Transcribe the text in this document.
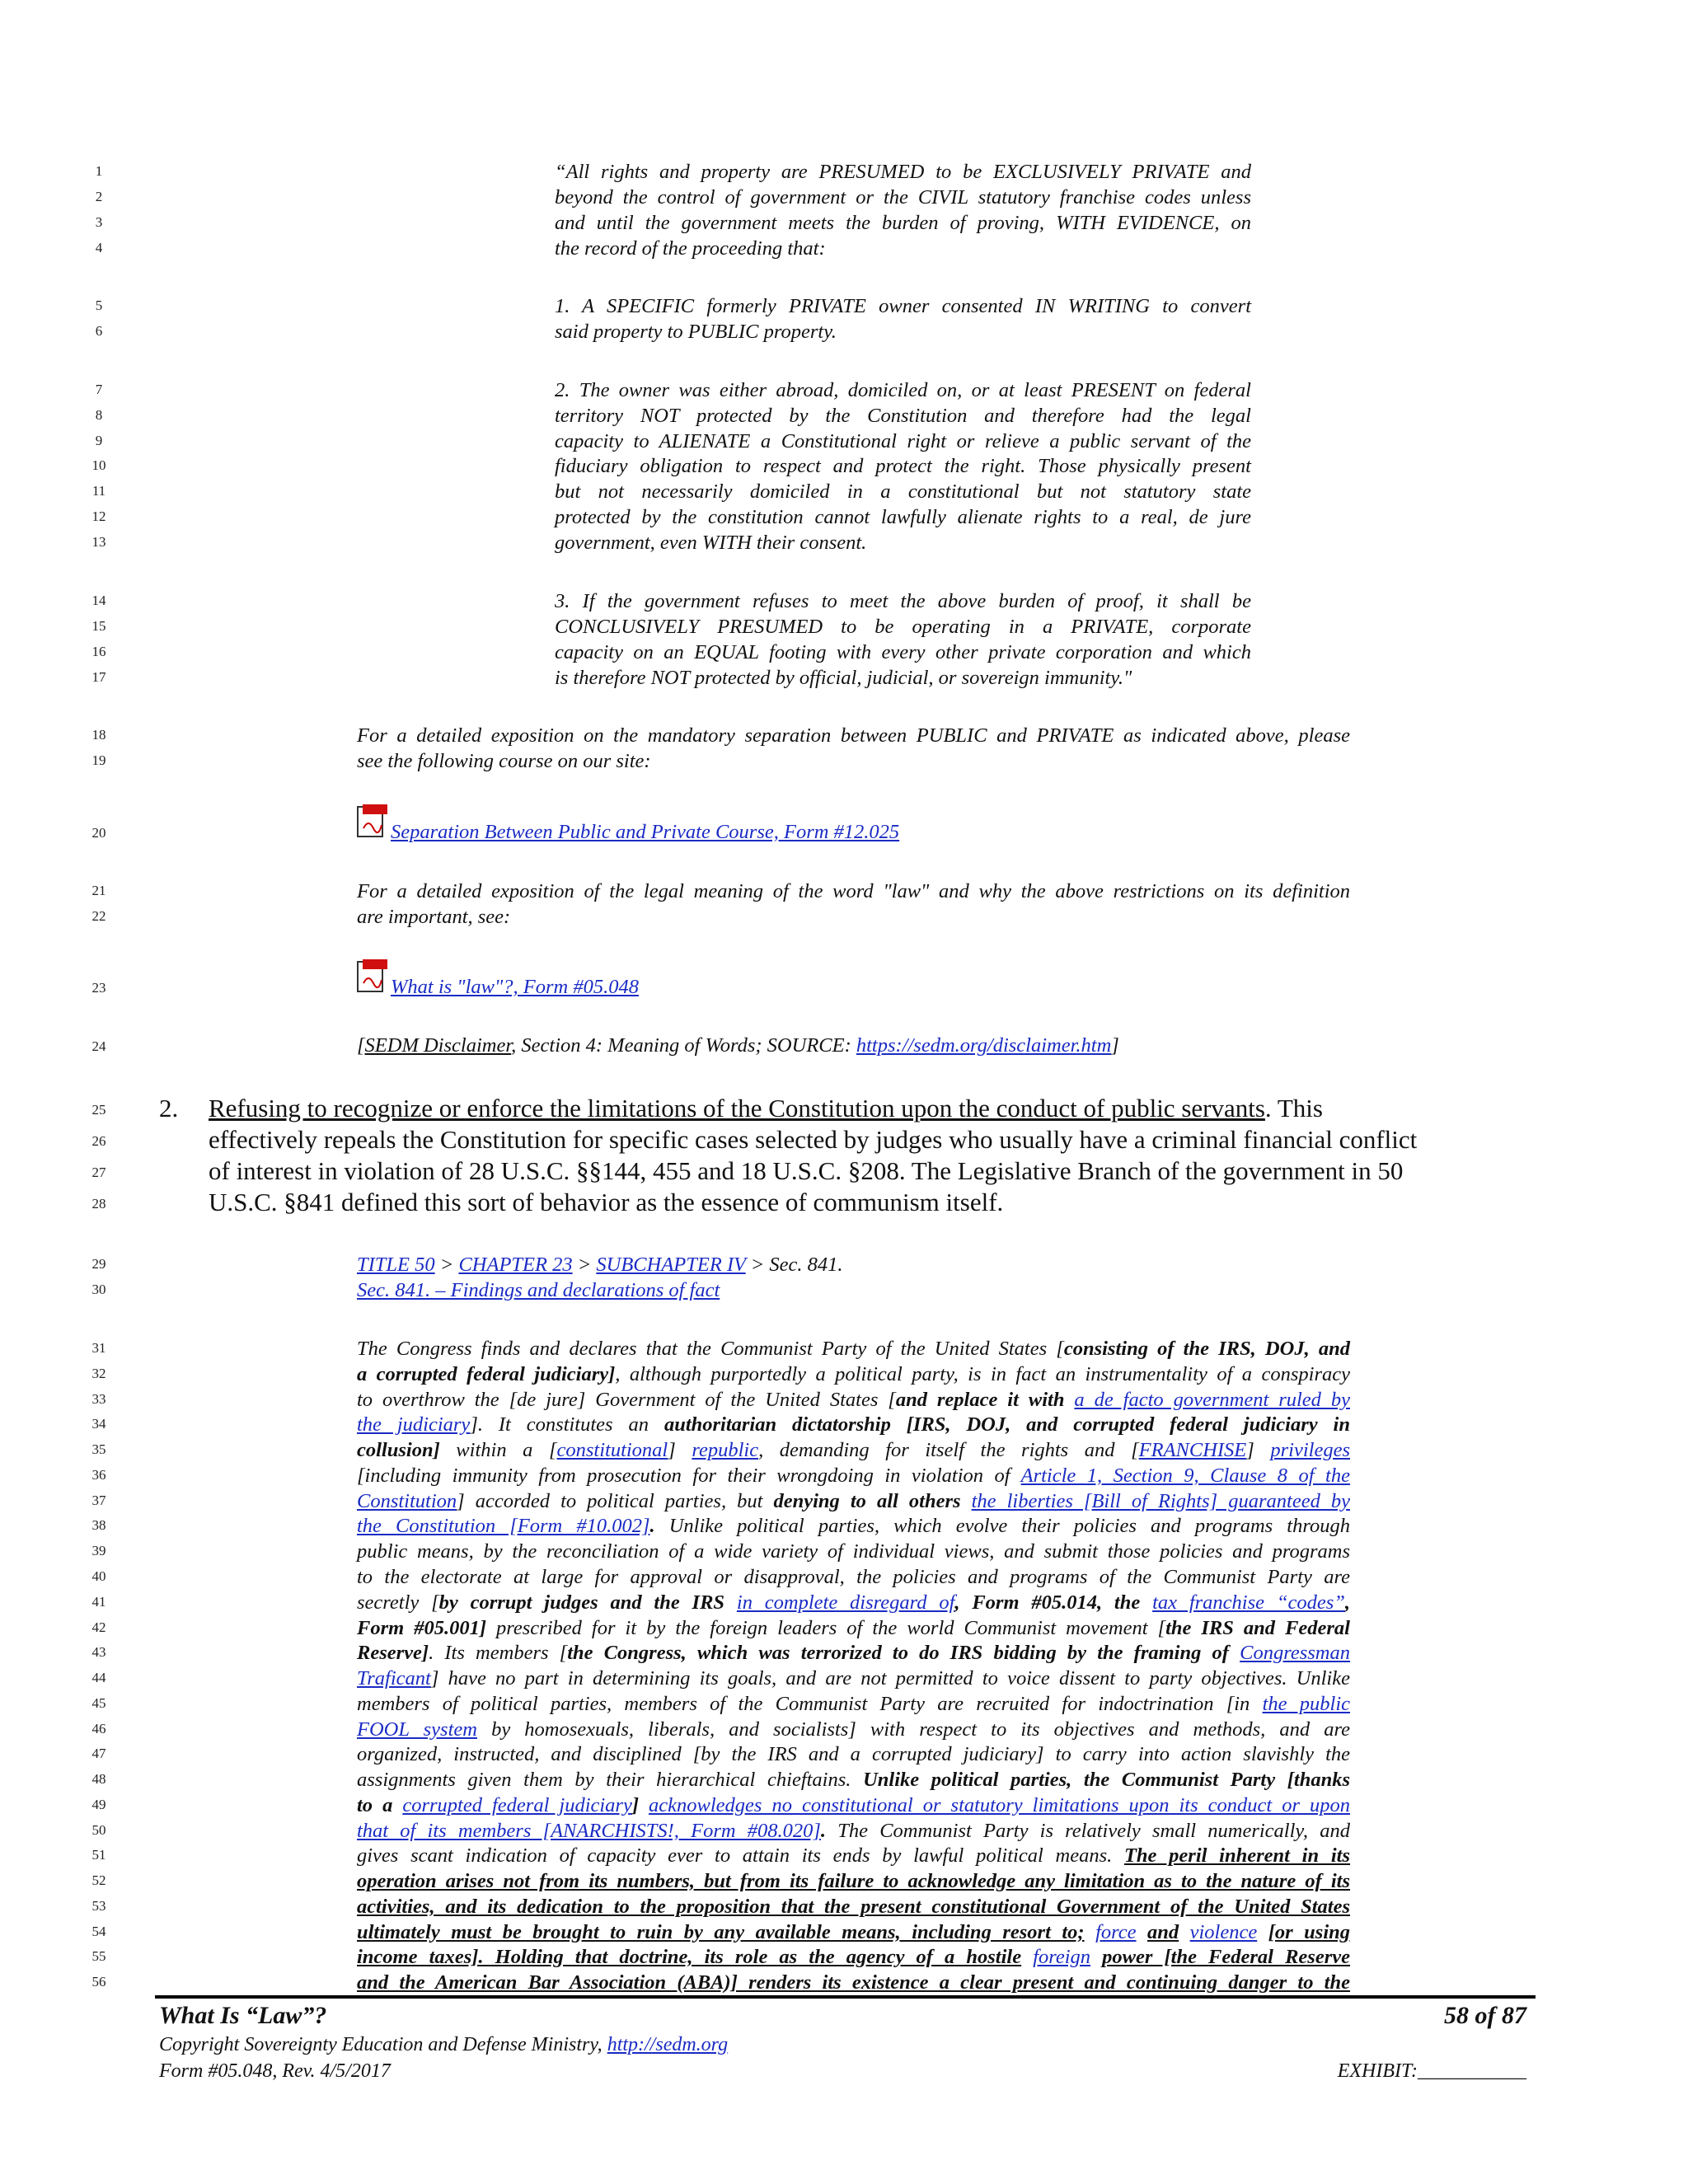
1
2
3
4
5
6
7
8
9
10
11
12
13
14
15
16
17
18
19
20
21
22
23
24
25
26
27
28
29
30
31
32
33
34
35
36
37
38
39
40
41
42
43
44
45
46
47
48
49
50
51
52
53
54
55
56
“All rights and property are PRESUMED to be EXCLUSIVELY PRIVATE and
beyond the control of government or the CIVIL statutory franchise codes unless
and until the government meets the burden of proving, WITH EVIDENCE, on
the record of the proceeding that:
1. A SPECIFIC formerly PRIVATE owner consented IN WRITING to convert
said property to PUBLIC property.
2. The owner was either abroad, domiciled on, or at least PRESENT on federal
territory NOT protected by the Constitution and therefore had the legal
capacity to ALIENATE a Constitutional right or relieve a public servant of the
fiduciary obligation to respect and protect the right. Those physically present
but not necessarily domiciled in a constitutional but not statutory state
protected by the constitution cannot lawfully alienate rights to a real, de jure
government, even WITH their consent.
3. If the government refuses to meet the above burden of proof, it shall be
CONCLUSIVELY PRESUMED to be operating in a PRIVATE, corporate
capacity on an EQUAL footing with every other private corporation and which
is therefore NOT protected by official, judicial, or sovereign immunity."
For a detailed exposition on the mandatory separation between PUBLIC and PRIVATE as indicated above, please
see the following course on our site:
Separation Between Public and Private Course, Form #12.025
For a detailed exposition of the legal meaning of the word "law" and why the above restrictions on its definition
are important, see:
What is "law"?, Form #05.048
[SEDM Disclaimer, Section 4: Meaning of Words; SOURCE: https://sedm.org/disclaimer.htm]
2. Refusing to recognize or enforce the limitations of the Constitution upon the conduct of public servants. This
effectively repeals the Constitution for specific cases selected by judges who usually have a criminal financial conflict
of interest in violation of 28 U.S.C. §§144, 455 and 18 U.S.C. §208. The Legislative Branch of the government in 50
U.S.C. §841 defined this sort of behavior as the essence of communism itself.
TITLE 50 > CHAPTER 23 > SUBCHAPTER IV > Sec. 841.
Sec. 841. – Findings and declarations of fact
The Congress finds and declares that the Communist Party of the United States [consisting of the IRS, DOJ, and
a corrupted federal judiciary], although purportedly a political party, is in fact an instrumentality of a conspiracy
to overthrow the [de jure] Government of the United States [and replace it with a de facto government ruled by
the judiciary]. It constitutes an authoritarian dictatorship [IRS, DOJ, and corrupted federal judiciary in
collusion] within a [constitutional] republic, demanding for itself the rights and [FRANCHISE] privileges
[including immunity from prosecution for their wrongdoing in violation of Article 1, Section 9, Clause 8 of the
Constitution] accorded to political parties, but denying to all others the liberties [Bill of Rights] guaranteed by
the Constitution [Form #10.002]. Unlike political parties, which evolve their policies and programs through
public means, by the reconciliation of a wide variety of individual views, and submit those policies and programs
to the electorate at large for approval or disapproval, the policies and programs of the Communist Party are
secretly [by corrupt judges and the IRS in complete disregard of, Form #05.014, the tax franchise “codes”,
Form #05.001] prescribed for it by the foreign leaders of the world Communist movement [the IRS and Federal
Reserve]. Its members [the Congress, which was terrorized to do IRS bidding by the framing of Congressman
Traficant] have no part in determining its goals, and are not permitted to voice dissent to party objectives. Unlike
members of political parties, members of the Communist Party are recruited for indoctrination [in the public
FOOL system by homosexuals, liberals, and socialists] with respect to its objectives and methods, and are
organized, instructed, and disciplined [by the IRS and a corrupted judiciary] to carry into action slavishly the
assignments given them by their hierarchical chieftains. Unlike political parties, the Communist Party [thanks
to a corrupted federal judiciary] acknowledges no constitutional or statutory limitations upon its conduct or upon
that of its members [ANARCHISTS!, Form #08.020]. The Communist Party is relatively small numerically, and
gives scant indication of capacity ever to attain its ends by lawful political means. The peril inherent in its
operation arises not from its numbers, but from its failure to acknowledge any limitation as to the nature of its
activities, and its dedication to the proposition that the present constitutional Government of the United States
ultimately must be brought to ruin by any available means, including resort to; force and violence [or using
income taxes]. Holding that doctrine, its role as the agency of a hostile foreign power [the Federal Reserve
and the American Bar Association (ABA)] renders its existence a clear present and continuing danger to the
What Is “Law”?	58 of 87
Copyright Sovereignty Education and Defense Ministry, http://sedm.org
Form #05.048, Rev. 4/5/2017	EXHIBIT:___________
